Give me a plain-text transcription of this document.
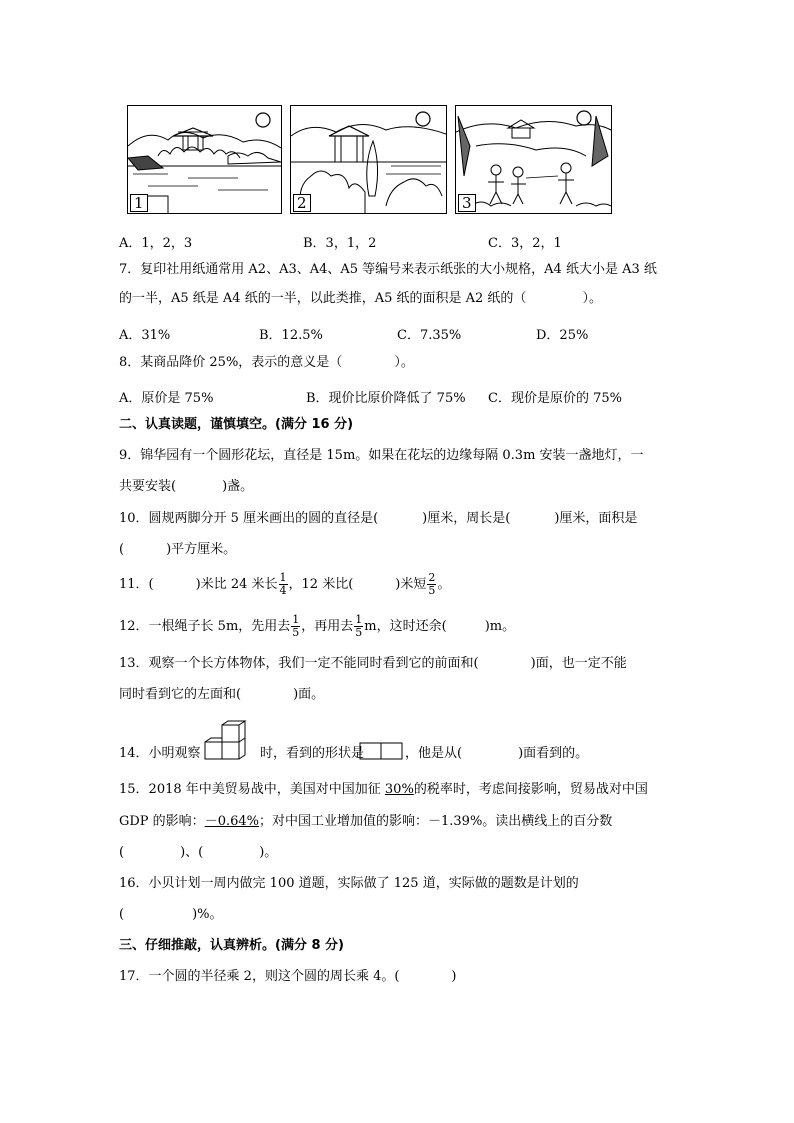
1	2	3
A．1，2，3	B．3，1，2	C．3，2，1
7．复印社用纸通常用 A2、A3、A4、A5 等编号来表示纸张的大小规格，A4 纸大小是 A3 纸
的一半，A5 纸是 A4 纸的一半，以此类推，A5 纸的面积是 A2 纸的（	）。
A．31%	B．12.5%	C．7.35%	D．25%
8．某商品降价 25%，表示的意义是（	）。
A．原价是 75%	B．现价比原价降低了 75% C．现价是原价的 75%
二、认真读题，谨慎填空。(满分 16 分)
9．锦华园有一个圆形花坛，直径是 15m。如果在花坛的边缘每隔 0.3m 安装一盏地灯，一
共要安装(	)盏。
10．圆规两脚分开 5 厘米画出的圆的直径是(	)厘米，周长是(	)厘米，面积是
(	)平方厘米。
11．(	)米比 24 米长 $\frac{1}{4}$ ，12 米比(	)米短 $\frac{2}{5}$ 。
12．一根绳子长 5m，先用去 $\frac{1}{5}$ ，再用去 $\frac{1}{5}$ m，这时还余(	)m。
13．观察一个长方体物体，我们一定不能同时看到它的前面和(	)面，也一定不能
同时看到它的左面和(	)面。
14．小明观察	时，看到的形状是	，他是从(	)面看到的。
15．2018 年中美贸易战中，美国对中国加征 30%的税率时，考虑间接影响，贸易战对中国
GDP 的影响：－0.64%；对中国工业增加值的影响：－1.39%。读出横线上的百分数
(	)、(	)。
16．小贝计划一周内做完 100 道题，实际做了 125 道，实际做的题数是计划的
(	)%。
三、仔细推敲，认真辨析。(满分 8 分)
17．一个圆的半径乘 2，则这个圆的周长乘 4。(	)
